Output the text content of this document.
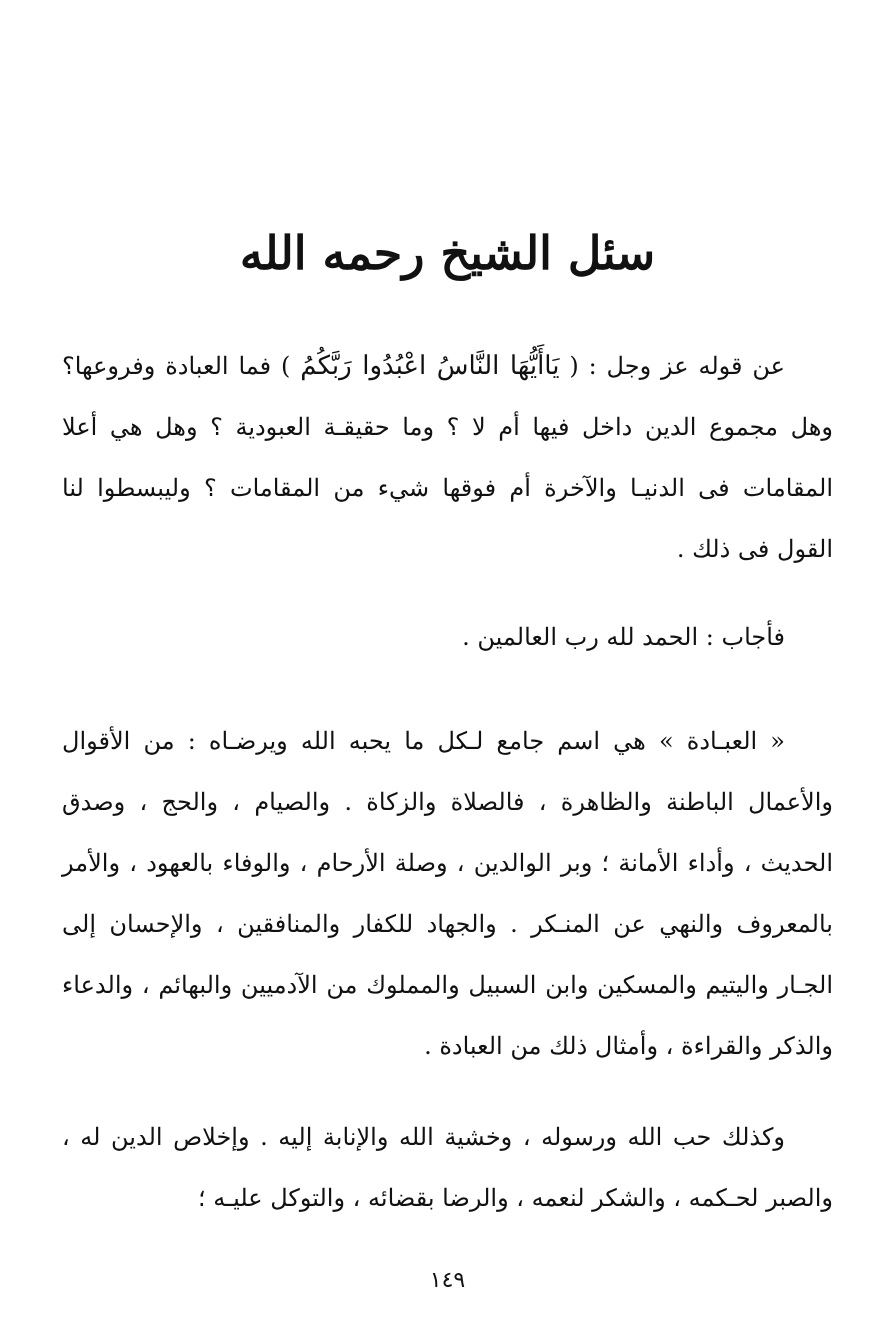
سئل الشيخ رحمه الله

عن قوله عز وجل : ( يَاأَيُّهَا النَّاسُ اعْبُدُوا رَبَّكُمُ ) فما العبادة وفروعها؟ وهل مجموع الدين داخل فيها أم لا ؟ وما حقيقـة العبودية ؟ وهل هي أعلا المقامات فى الدنيـا والآخرة أم فوقها شيء من المقامات ؟ وليبسطوا لنا القول فى ذلك .

فأجاب : الحمد لله رب العالمين .

« العبـادة » هي اسم جامع لـكل ما يحبه الله ويرضـاه : من الأقوال والأعمال الباطنة والظاهرة ، فالصلاة والزكاة . والصيام ، والحج ، وصدق الحديث ، وأداء الأمانة ؛ وبر الوالدين ، وصلة الأرحام ، والوفاء بالعهود ، والأمر بالمعروف والنهي عن المنـكر . والجهاد للكفار والمنافقين ، والإحسان إلى الجـار واليتيم والمسكين وابن السبيل والمملوك من الآدميين والبهائم ، والدعاء والذكر والقراءة ، وأمثال ذلك من العبادة .

وكذلك حب الله ورسوله ، وخشية الله والإنابة إليه . وإخلاص الدين له ، والصبر لحـكمه ، والشكر لنعمه ، والرضا بقضائه ، والتوكل عليـه ؛

١٤٩
